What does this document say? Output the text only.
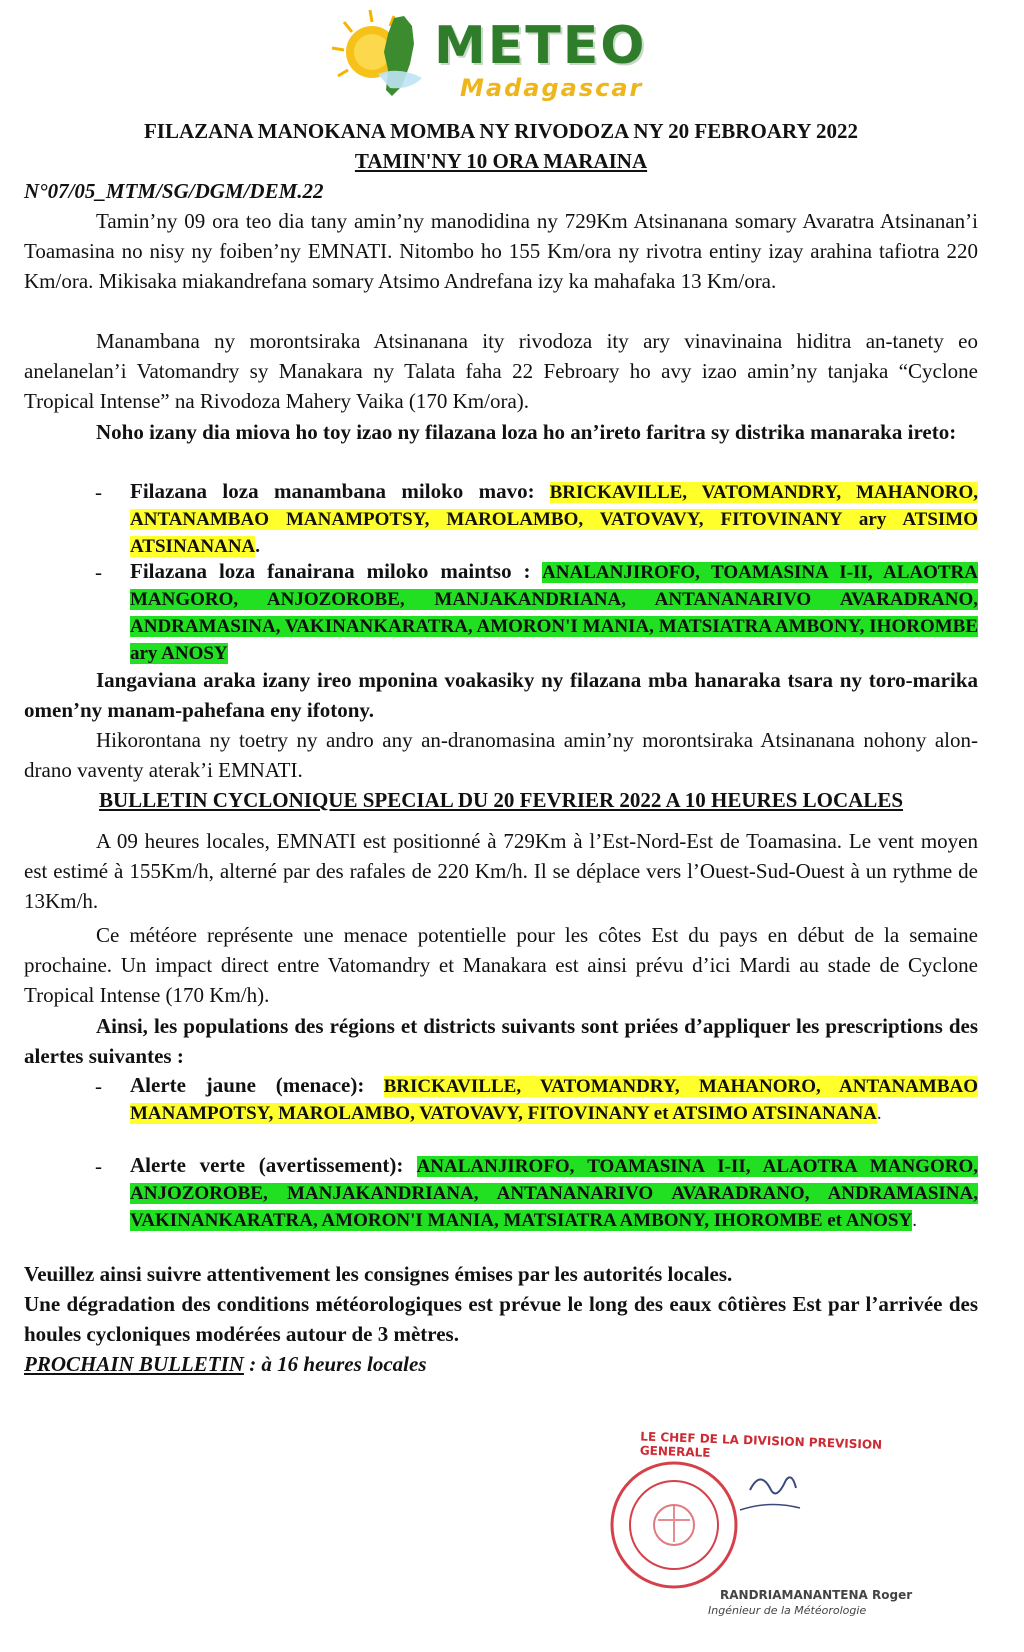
METEO
Madagascar
FILAZANA MANOKANA MOMBA NY RIVODOZA NY 20 FEBROARY 2022
TAMIN'NY 10 ORA MARAINA
N°07/05_MTM/SG/DGM/DEM.22
Tamin’ny 09 ora teo dia tany amin’ny manodidina ny 729Km Atsinanana somary Avaratra Atsinanan’i Toamasina no nisy ny foiben’ny EMNATI. Nitombo ho 155 Km/ora ny rivotra entiny izay arahina tafiotra 220 Km/ora. Mikisaka miakandrefana somary Atsimo Andrefana izy ka mahafaka 13 Km/ora.
Manambana ny morontsiraka Atsinanana ity rivodoza ity ary vinavinaina hiditra an-tanety eo anelanelan’i Vatomandry sy Manakara ny Talata faha 22 Febroary ho avy izao amin’ny tanjaka “Cyclone Tropical Intense” na Rivodoza Mahery Vaika (170 Km/ora).
Noho izany dia miova ho toy izao ny filazana loza ho an’ireto faritra sy distrika manaraka ireto:
-	Filazana loza manambana miloko mavo: BRICKAVILLE, VATOMANDRY, MAHANORO, ANTANAMBAO MANAMPOTSY, MAROLAMBO, VATOVAVY, FITOVINANY ary ATSIMO ATSINANANA.
-	Filazana loza fanairana miloko maintso : ANALANJIROFO, TOAMASINA I-II, ALAOTRA MANGORO, ANJOZOROBE, MANJAKANDRIANA, ANTANANARIVO AVARADRANO, ANDRAMASINA, VAKINANKARATRA, AMORON'I MANIA, MATSIATRA AMBONY, IHOROMBE ary ANOSY
Iangaviana araka izany ireo mponina voakasiky ny filazana mba hanaraka tsara ny toro-marika omen’ny manam-pahefana eny ifotony.
Hikorontana ny toetry ny andro any an-dranomasina amin’ny morontsiraka Atsinanana nohony alon-drano vaventy aterak’i EMNATI.
BULLETIN CYCLONIQUE SPECIAL DU 20 FEVRIER 2022 A 10 HEURES LOCALES
A 09 heures locales, EMNATI est positionné à 729Km à l’Est-Nord-Est de Toamasina. Le vent moyen est estimé à 155Km/h, alterné par des rafales de 220 Km/h. Il se déplace vers l’Ouest-Sud-Ouest à un rythme de 13Km/h.
Ce météore représente une menace potentielle pour les côtes Est du pays en début de la semaine prochaine. Un impact direct entre Vatomandry et Manakara est ainsi prévu d’ici Mardi au stade de Cyclone Tropical Intense (170 Km/h).
Ainsi, les populations des régions et districts suivants sont priées d’appliquer les prescriptions des alertes suivantes :
-	Alerte jaune (menace): BRICKAVILLE, VATOMANDRY, MAHANORO, ANTANAMBAO MANAMPOTSY, MAROLAMBO, VATOVAVY, FITOVINANY et ATSIMO ATSINANANA.
-	Alerte verte (avertissement): ANALANJIROFO, TOAMASINA I-II, ALAOTRA MANGORO, ANJOZOROBE, MANJAKANDRIANA, ANTANANARIVO AVARADRANO, ANDRAMASINA, VAKINANKARATRA, AMORON'I MANIA, MATSIATRA AMBONY, IHOROMBE et ANOSY.
Veuillez ainsi suivre attentivement les consignes émises par les autorités locales.
Une dégradation des conditions météorologiques est prévue le long des eaux côtières Est par l’arrivée des houles cycloniques modérées autour de 3 mètres.
PROCHAIN BULLETIN : à 16 heures locales
LE CHEF DE LA DIVISION PREVISION GENERALE
RANDRIAMANANTENA Roger
Ingénieur de la Météorologie
